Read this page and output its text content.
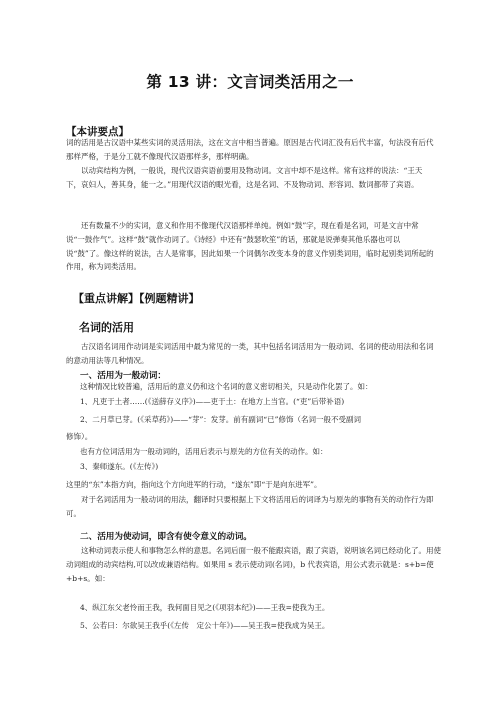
第 13 讲：文言词类活用之一
【本讲要点】

词的活用是古汉语中某些实词的灵活用法，这在文言中相当普遍。原因是古代词汇没有后代丰富，句法没有后代那样严格，于是分工就不像现代汉语那样多，那样明确。

以动宾结构为例，一般说，现代汉语宾语前要用及物动词。文言中却不是这样。常有这样的说法：“王天下，哀妇人，善其身，能一之。”用现代汉语的眼光看，这是名词、不及物动词、形容词、数词都带了宾语。

还有数量不少的实词，意义和作用不像现代汉语那样单纯。例如“鼓”字，现在看是名词，可是文言中常说“一鼓作气”。这样“鼓”就作动词了。《诗经》中还有“鼓瑟吹笙”的话，那就是说弹奏其他乐器也可以说“鼓”了。像这样的说法，古人是常事，因此如果一个词偶尔改变本身的意义作别类词用，临时起别类词所起的作用，称为词类活用。

【重点讲解】【例题精讲】
名词的活用

古汉语名词用作动词是实词活用中最为常见的一类，其中包括名词活用为一般动词、名词的使动用法和名词的意动用法等几种情况。

一、活用为一般动词：
这种情况比较普遍，活用后的意义仍和这个名词的意义密切相关，只是动作化罢了。如：
1、凡吏于土者……(《送薛存义序》)——吏于土：在地方上当官。(“吏”后带补语)
2、二月草已芽。(《采草药》)——“芽”：发芽。前有副词“已”修饰（名词一般不受副词
修饰）。
也有方位词活用为一般动词的，活用后表示与原先的方位有关的动作。如：
3、秦师遂东。(《左传》)
这里的“东”本指方向，指向这个方向进军的行动，“遂东”即“于是向东进军”。

对于名词活用为一般动词的用法，翻译时只要根据上下文将活用后的词译为与原先的事物有关的动作行为即可。

二、活用为使动词，即含有使令意义的动词。

这种动词表示使人和事物怎么样的意思。名词后面一般不能跟宾语，跟了宾语，说明该名词已经动化了。用使动词组成的动宾结构,可以改成兼语结构。如果用 s 表示使动词(名词)，b 代表宾语，用公式表示就是：s+b=使+b+s。如：

4、纵江东父老怜而王我，我何面目见之(《项羽本纪》)——王我=使我为王。
5、公若曰：尔欲吴王我乎(《左传　定公十年》)——吴王我=使我成为吴王。
